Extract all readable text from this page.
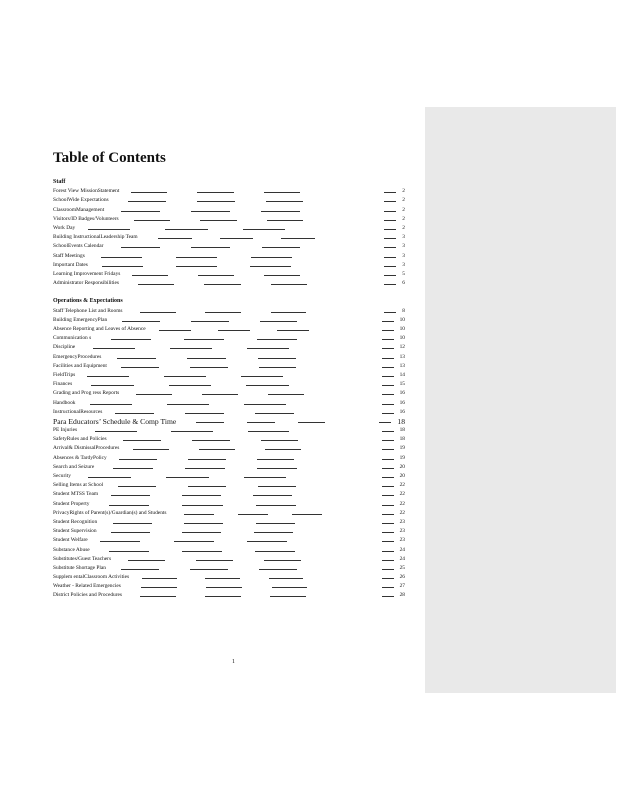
Table of Contents
Staff
Forest View MissionStatement	2
SchoolWide Expectations	2
ClassroomManagement	2
Visitors/ID Badges/Volunteers	2
Work Day	2
Building InstructionalLeadership Team	3
SchoolEvents Calendar	3
Staff Meetings	3
Important Dates	3
Learning Improvement Fridays	5
Administrator Responsibilities	6
Operations & Expectations
Staff Telephone List and Rooms	8
Building EmergencyPlan	10
Absence Reporting and Leaves of Absence	10
Communication s	10
Discipline	12
EmergencyProcedures	13
Facilities and Equipment	13
FieldTrips	14
Finances	15
Grading and Prog ress Reports	16
Handbook	16
InstructionalResources	16
Para Educators’ Schedule & Comp Time	18
PE Injuries	18
SafetyRules and Policies	18
Arrival& DismissalProcedures	19
Absences & TardyPolicy	19
Search and Seizure	20
Security	20
Selling Items at School	22
Student MTSS Team	22
Student Property	22
PrivacyRights of Parent(s)/Guardian(s) and Students	22
Student Recognition	23
Student Supervision	23
Student Welfare	23
Substance Abuse	24
Substitutes/Guest Teachers	24
Substitute Shortage Plan	25
Supplem entalClassroom Activities	26
Weather - Related Emergencies	27
District Policies and Procedures	28
1
